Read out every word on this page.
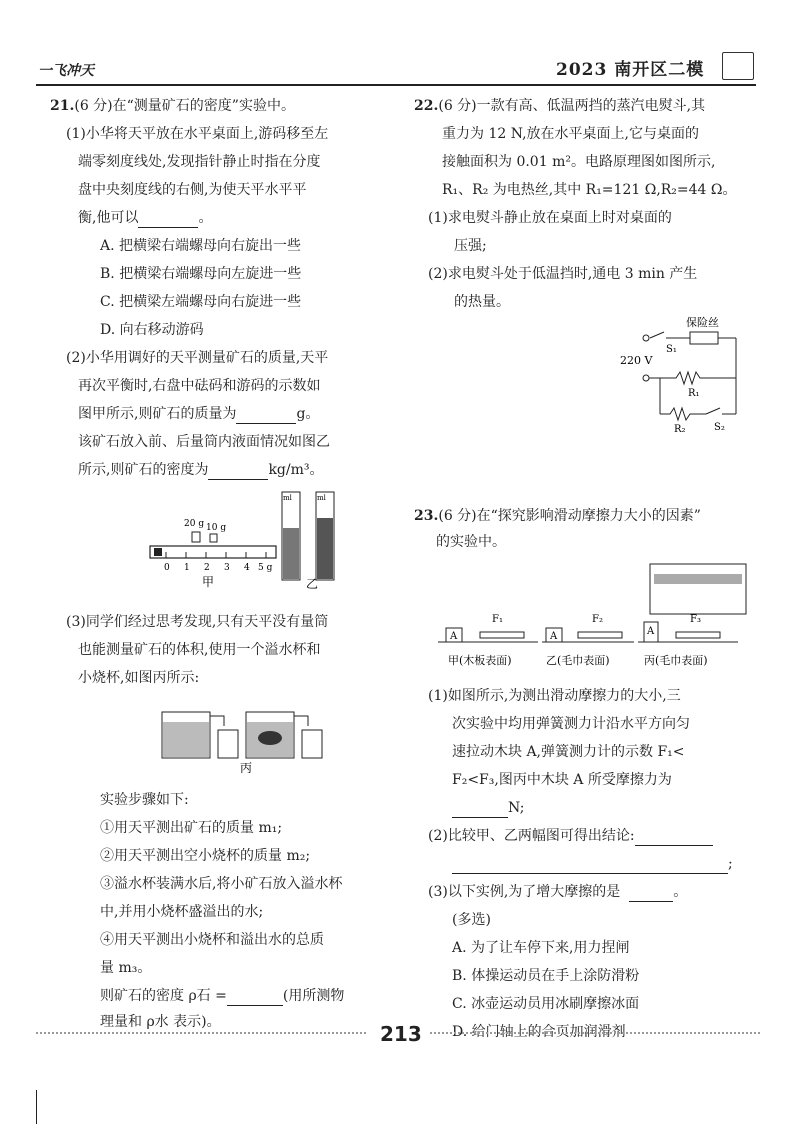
一飞冲天	2023 南开区二模
21.(6 分)在“测量矿石的密度”实验中。
(1)小华将天平放在水平桌面上,游码移至左
端零刻度线处,发现指针静止时指在分度
盘中央刻度线的右侧,为使天平水平平
衡,他可以	。
A. 把横梁右端螺母向右旋出一些
B. 把横梁右端螺母向左旋进一些
C. 把横梁左端螺母向右旋进一些
D. 向右移动游码
(2)小华用调好的天平测量矿石的质量,天平
再次平衡时,右盘中砝码和游码的示数如
图甲所示,则矿石的质量为	g。
该矿石放入前、后量筒内液面情况如图乙
所示,则矿石的密度为	kg/m³。
0 1 2 3 4 5 g
20 g 10 g
甲
ml	ml
乙
(3)同学们经过思考发现,只有天平没有量筒
也能测量矿石的体积,使用一个溢水杯和
小烧杯,如图丙所示:
丙
实验步骤如下:
①用天平测出矿石的质量 m₁;
②用天平测出空小烧杯的质量 m₂;
③溢水杯装满水后,将小矿石放入溢水杯
中,并用小烧杯盛溢出的水;
④用天平测出小烧杯和溢出水的总质
量 m₃。
则矿石的密度 ρ石 =	(用所测物
理量和 ρ水 表示)。
22.(6 分)一款有高、低温两挡的蒸汽电熨斗,其
重力为 12 N,放在水平桌面上,它与桌面的
接触面积为 0.01 m²。电路原理图如图所示,
R₁、R₂ 为电热丝,其中 R₁=121 Ω,R₂=44 Ω。
(1)求电熨斗静止放在桌面上时对桌面的
压强;
(2)求电熨斗处于低温挡时,通电 3 min 产生
的热量。
保险丝
S₁
220 V
R₁
R₂	S₂
23.(6 分)在“探究影响滑动摩擦力大小的因素”
的实验中。
A
F₁
A
F₂
A
F₃
甲(木板表面)	乙(毛巾表面)	丙(毛巾表面)
(1)如图所示,为测出滑动摩擦力的大小,三
次实验中均用弹簧测力计沿水平方向匀
速拉动木块 A,弹簧测力计的示数 F₁<
F₂<F₃,图丙中木块 A 所受摩擦力为
N;
(2)比较甲、乙两幅图可得出结论:
;
(3)以下实例,为了增大摩擦的是	。
(多选)
A. 为了让车停下来,用力捏闸
B. 体操运动员在手上涂防滑粉
C. 冰壶运动员用冰刷摩擦冰面
D. 给门轴上的合页加润滑剂
213
